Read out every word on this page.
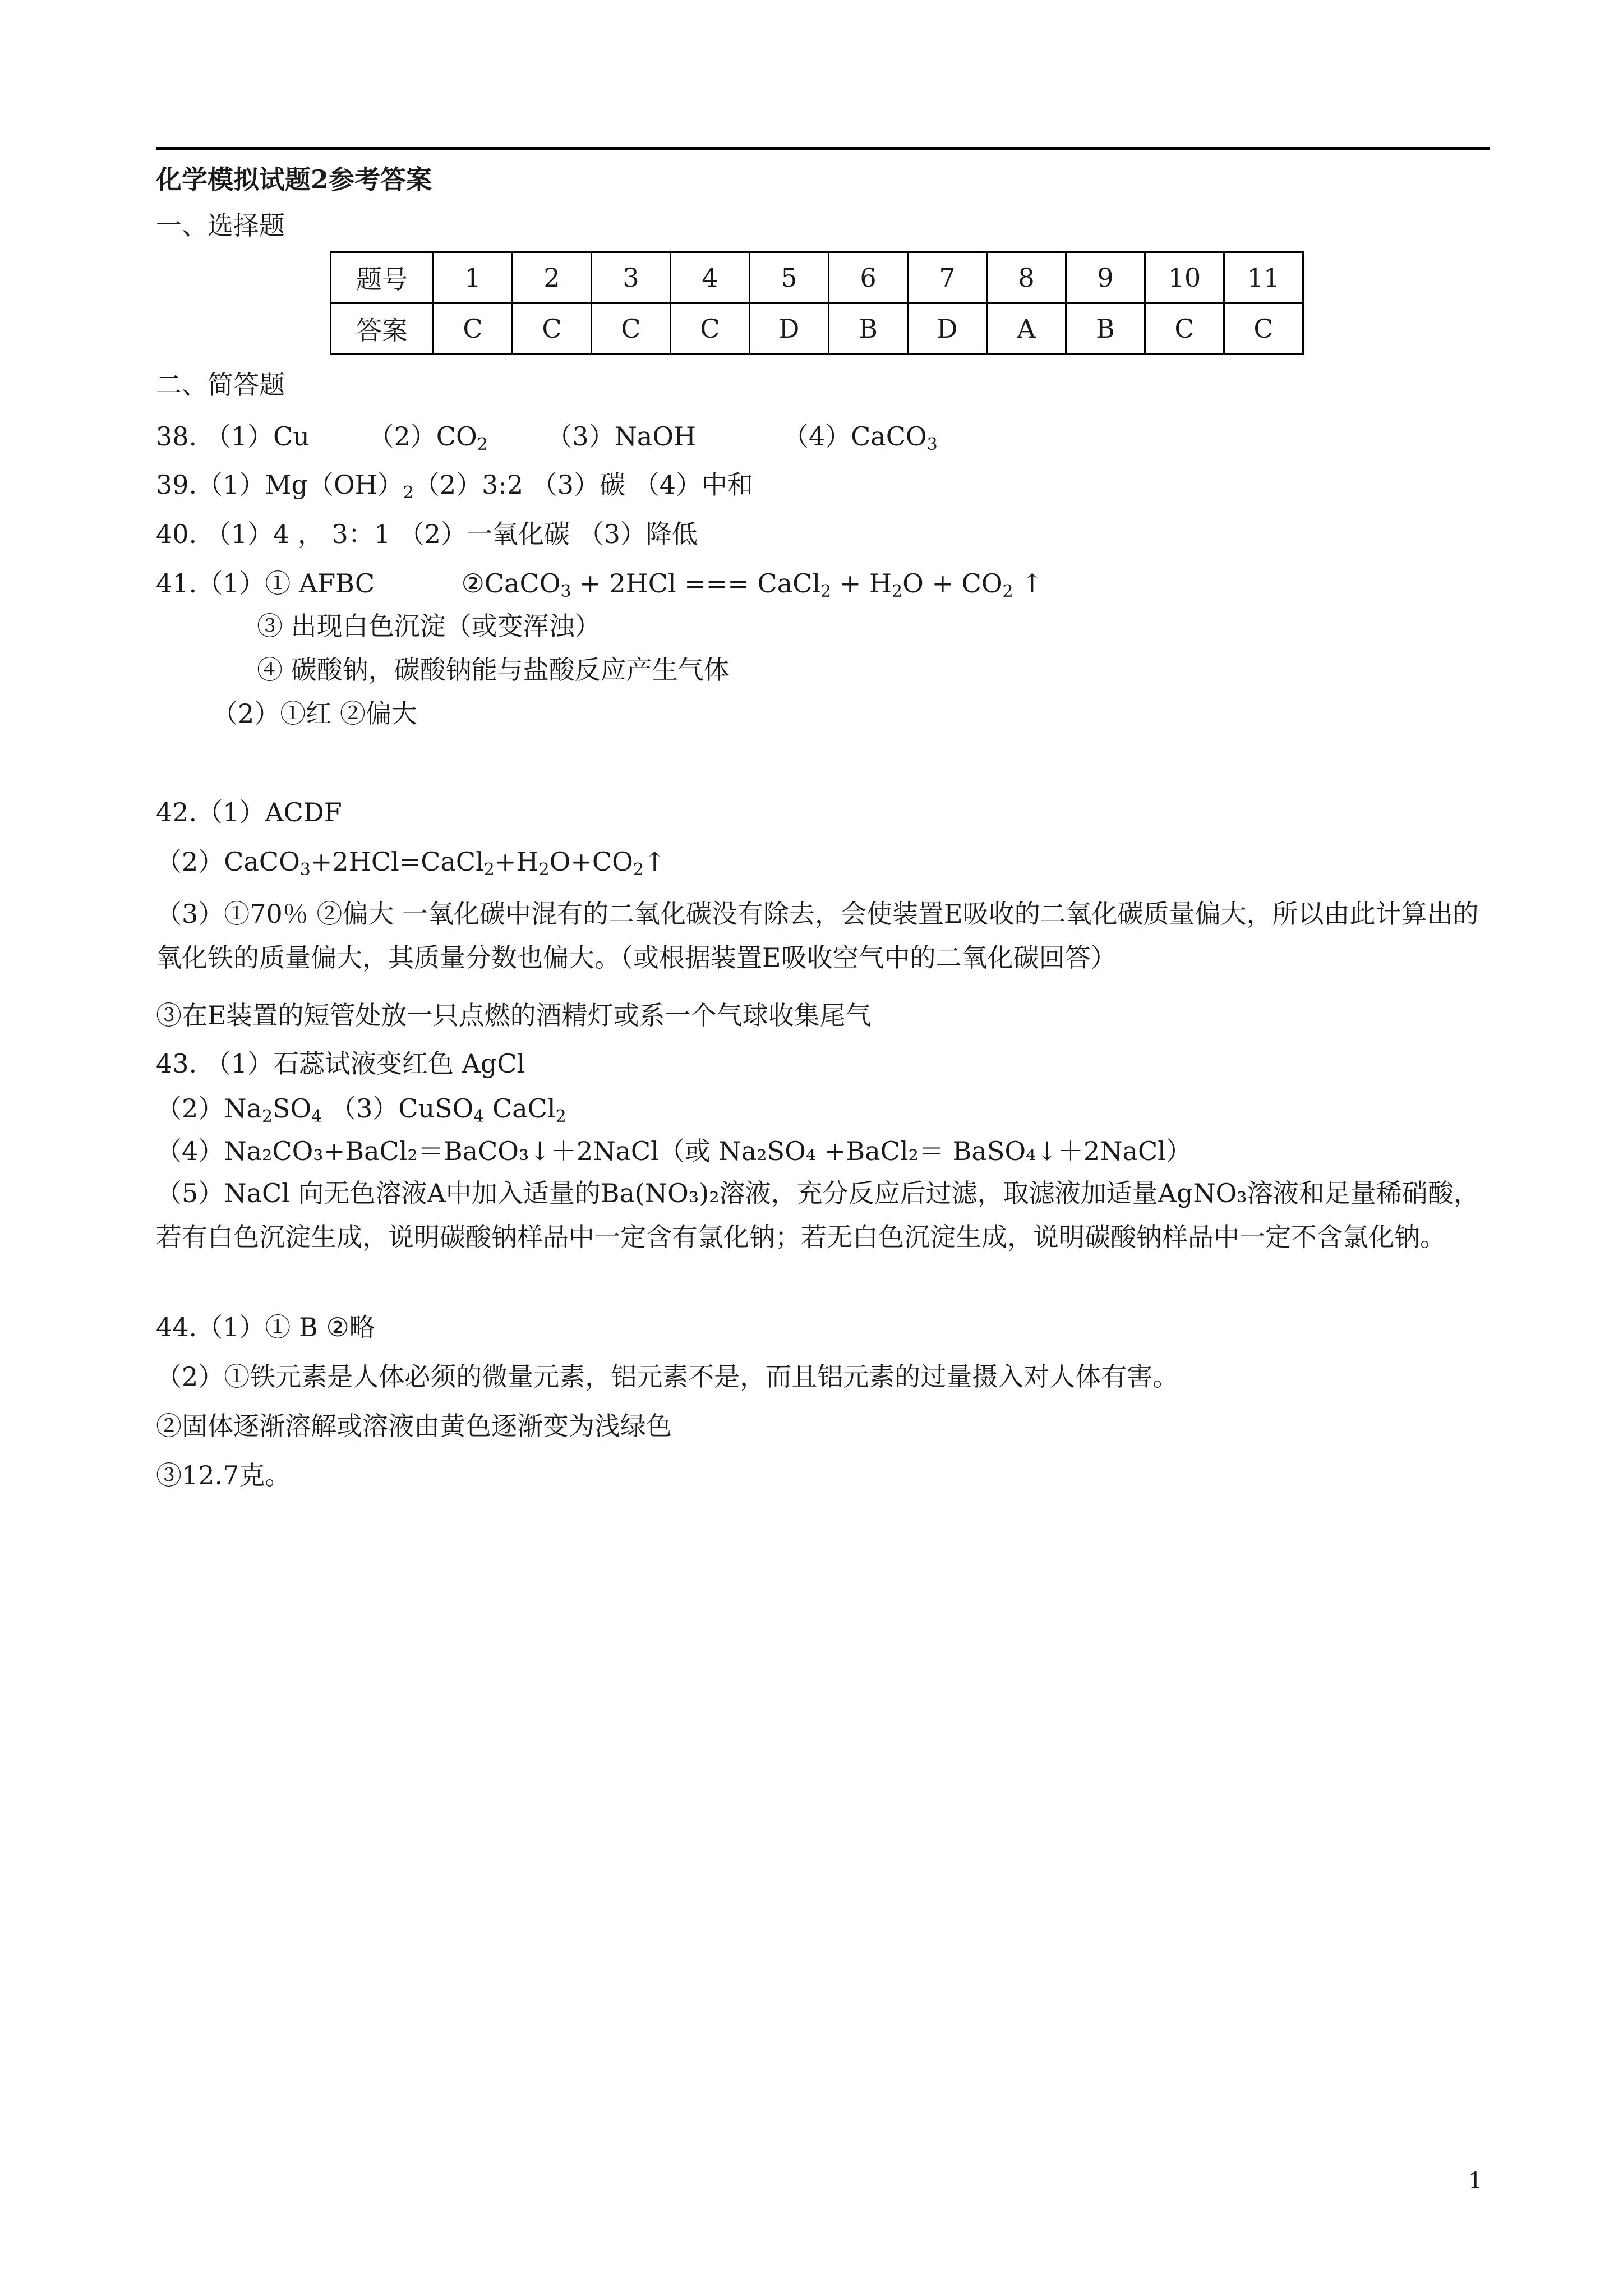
化学模拟试题2参考答案
一、选择题
题号	1	2	3	4	5	6	7	8	9	10	11
答案	C	C	C	C	D	B	D	A	B	C	C
二、简答题
38. （1）Cu $(2)CO_2$ （3）NaOH	（4）CaCO$_3$
$39.(1)Mg(OH)_2(2)3:2$ （3）碳 （4）中和
40. （1）4 ， 3：1 （2）一氧化碳 （3）降低
41.（1）① AFBC	②CaCO$_3$ + 2HCl === CaCl$_2$ + $H_2O + CO_2$ ↑
③ 出现白色沉淀（或变浑浊）
④ 碳酸钠，碳酸钠能与盐酸反应产生气体
（2）①红 ②偏大
42.（1）ACDF
$(2)CaCO_3+2HCl=CaCl_2+H_2O+CO_2↑$
（3）①70％ ②偏大 一氧化碳中混有的二氧化碳没有除去，会使装置E吸收的二氧化碳质量偏大，所以由此计算出的氧化铁的质量偏大，其质量分数也偏大。（或根据装置E吸收空气中的二氧化碳回答）
③在E装置的短管处放一只点燃的酒精灯或系一个气球收集尾气
43. （1）石蕊试液变红色 AgCl
$(2)Na_2SO_4$ （3）CuSO$_4$ CaCl$_2$
（4）Na₂CO₃+BaCl₂＝BaCO₃↓＋2NaCl（或 Na₂SO₄ +BaCl₂＝ BaSO₄↓＋2NaCl）
（5）NaCl 向无色溶液A中加入适量的Ba(NO₃)₂溶液，充分反应后过滤，取滤液加适量AgNO₃溶液和足量稀硝酸，若有白色沉淀生成，说明碳酸钠样品中一定含有氯化钠；若无白色沉淀生成，说明碳酸钠样品中一定不含氯化钠。
44.（1）① B ②略
（2）①铁元素是人体必须的微量元素，铝元素不是，而且铝元素的过量摄入对人体有害。
②固体逐渐溶解或溶液由黄色逐渐变为浅绿色
③12.7克。
1
